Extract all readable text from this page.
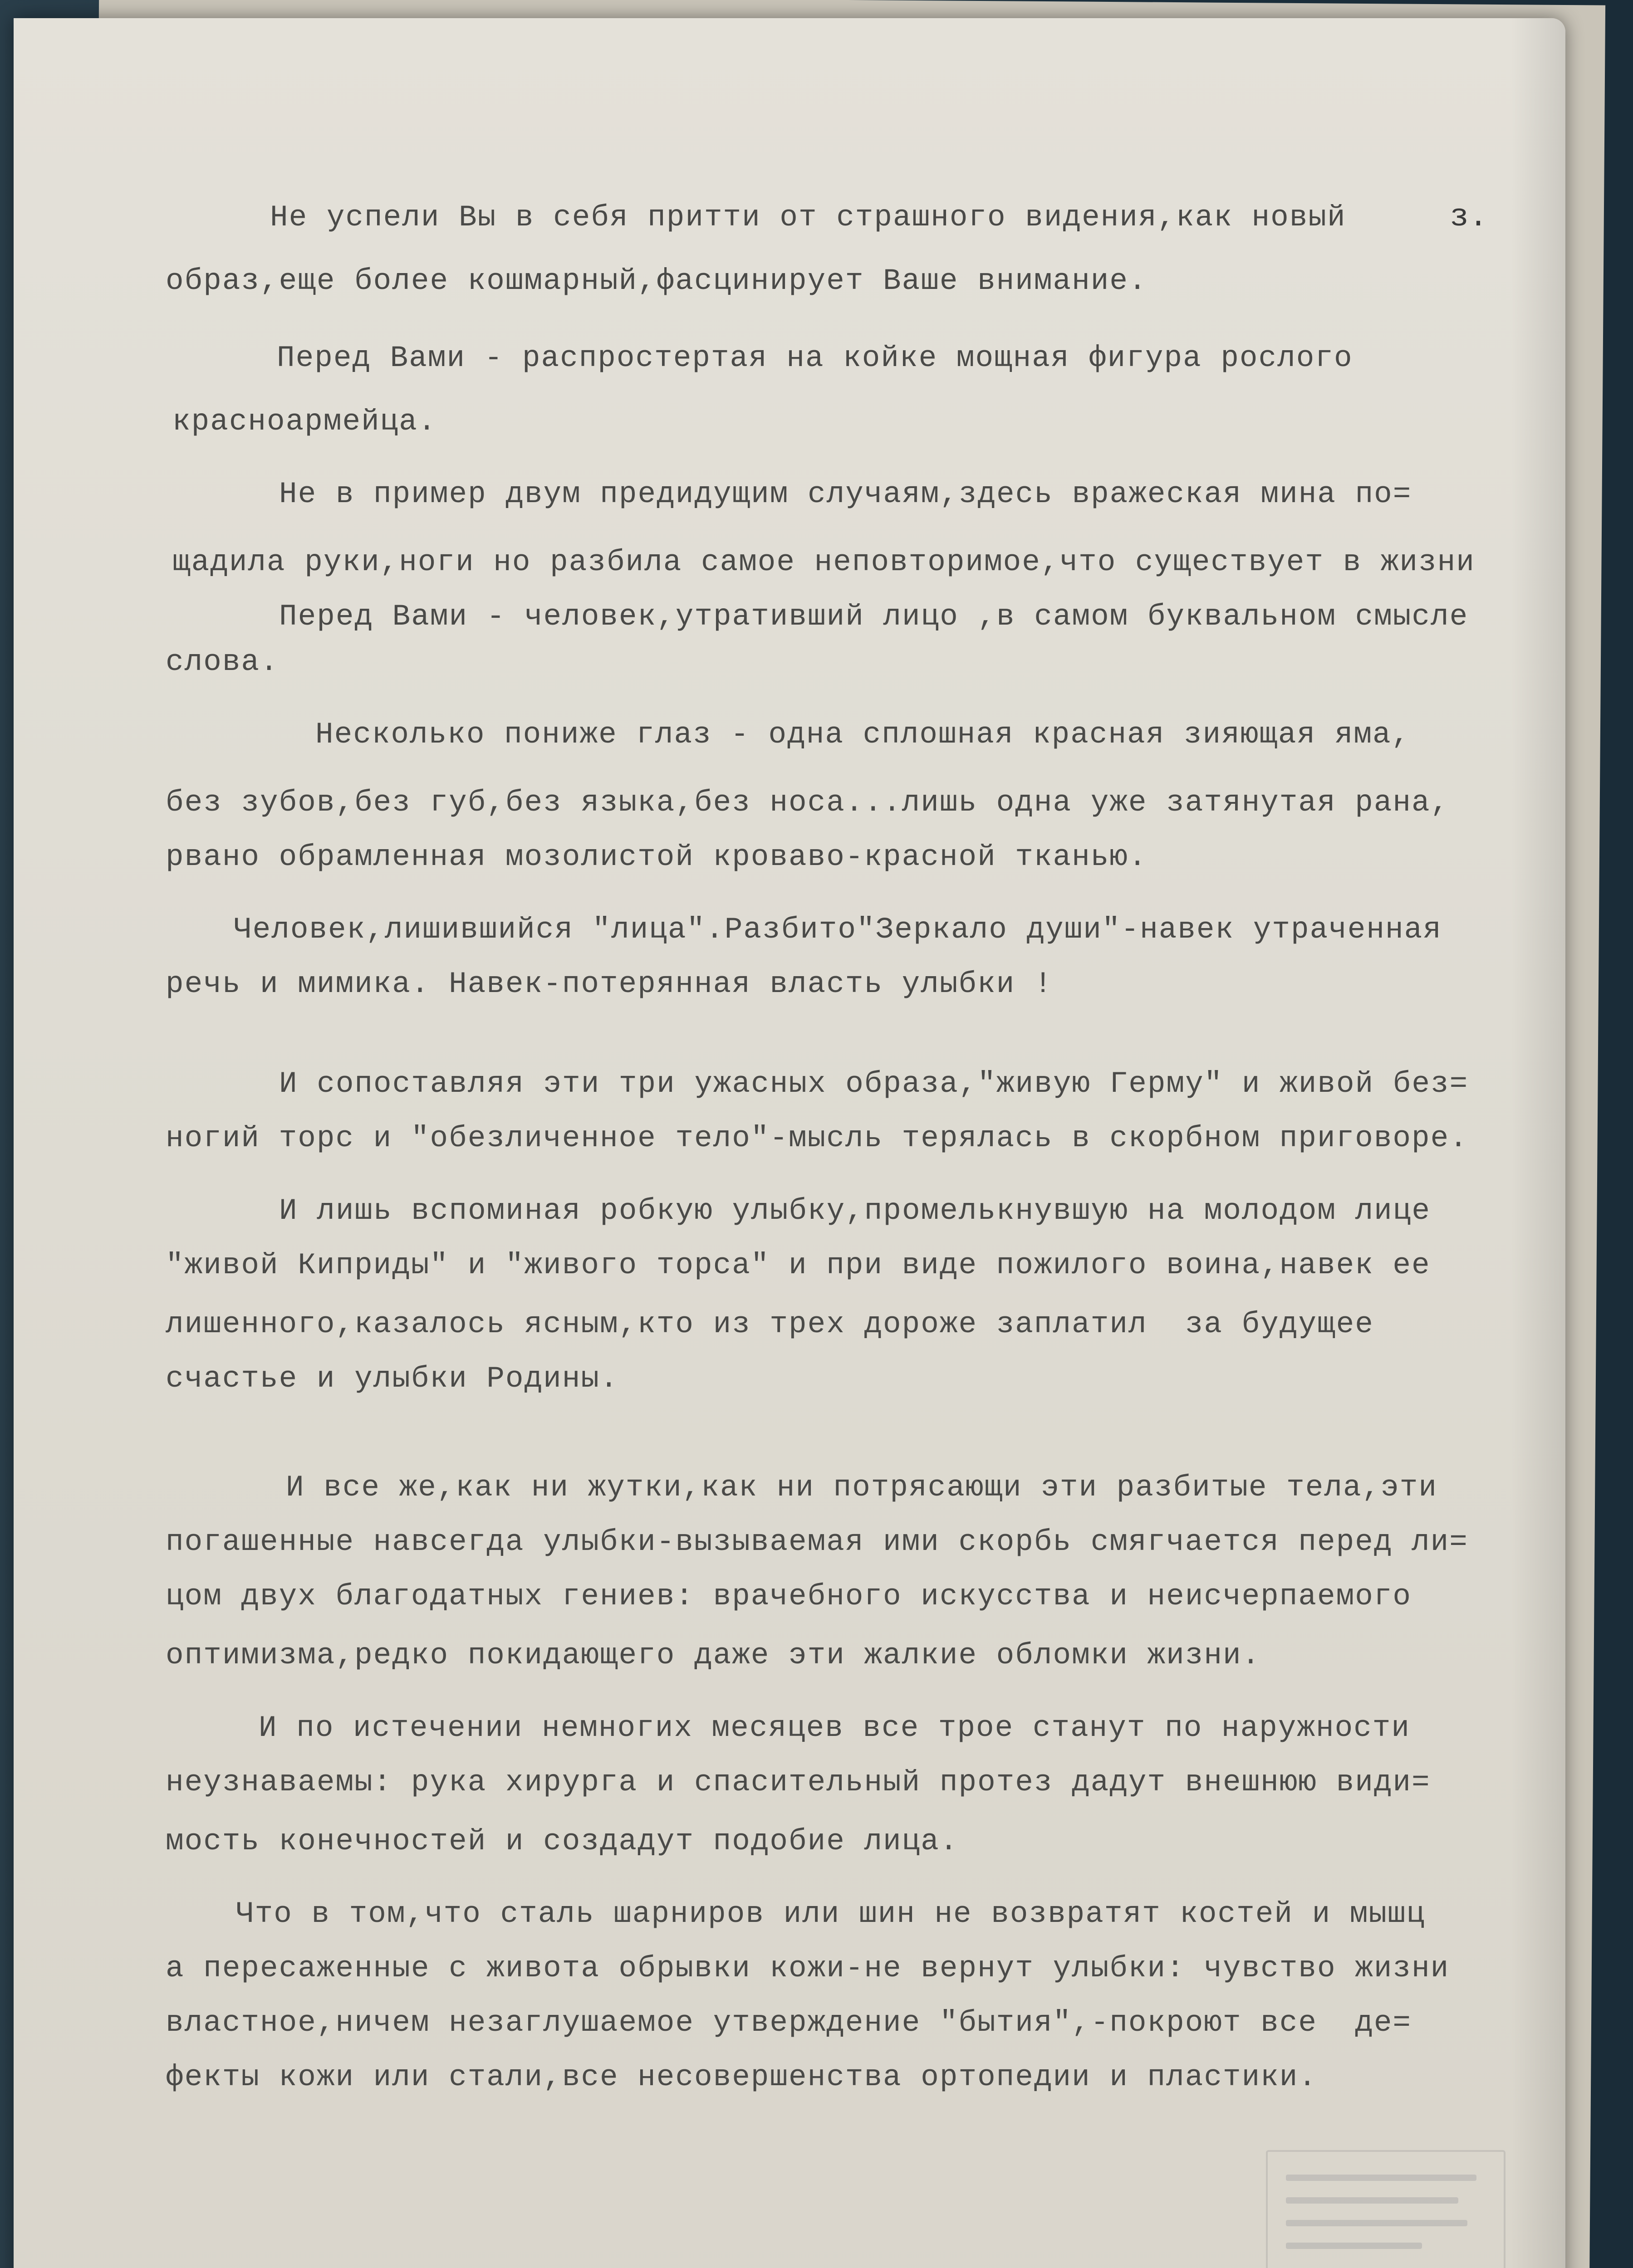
з.

Не успели Вы в себя притти от страшного видения,как новый

образ,еще более кошмарный,фасцинирует Ваше внимание.

Перед Вами - распростертая на койке мощная фигура рослого

красноармейца.

Не в пример двум предидущим случаям,здесь вражеская мина по=

щадила руки,ноги но разбила самое неповторимое,что существует в жизни

Перед Вами - человек,утративший лицо ,в самом буквальном смысле

слова.

Несколько пониже глаз - одна сплошная красная зияющая яма,

без зубов,без губ,без языка,без носа...лишь одна уже затянутая рана,

рвано обрамленная мозолистой кроваво-красной тканью.

Человек,лишившийся "лица".Разбито"Зеркало души"-навек утраченная

речь и мимика. Навек-потерянная власть улыбки !

И сопоставляя эти три ужасных образа,"живую Герму" и живой без=

ногий торс и "обезличенное тело"-мысль терялась в скорбном приговоре.

И лишь вспоминая робкую улыбку,промелькнувшую на молодом лице

"живой Киприды" и "живого торса" и при виде пожилого воина,навек ее

лишенного,казалось ясным,кто из трех дороже заплатил  за будущее

счастье и улыбки Родины.

И все же,как ни жутки,как ни потрясающи эти разбитые тела,эти

погашенные навсегда улыбки-вызываемая ими скорбь смягчается перед ли=

цом двух благодатных гениев: врачебного искусства и неисчерпаемого

оптимизма,редко покидающего даже эти жалкие обломки жизни.

И по истечении немногих месяцев все трое станут по наружности

неузнаваемы: рука хирурга и спасительный протез дадут внешнюю види=

мость конечностей и создадут подобие лица.

Что в том,что сталь шарниров или шин не возвратят костей и мышц

а пересаженные с живота обрывки кожи-не вернут улыбки: чувство жизни

властное,ничем незаглушаемое утверждение "бытия",-покроют все  де=

фекты кожи или стали,все несовершенства ортопедии и пластики.
